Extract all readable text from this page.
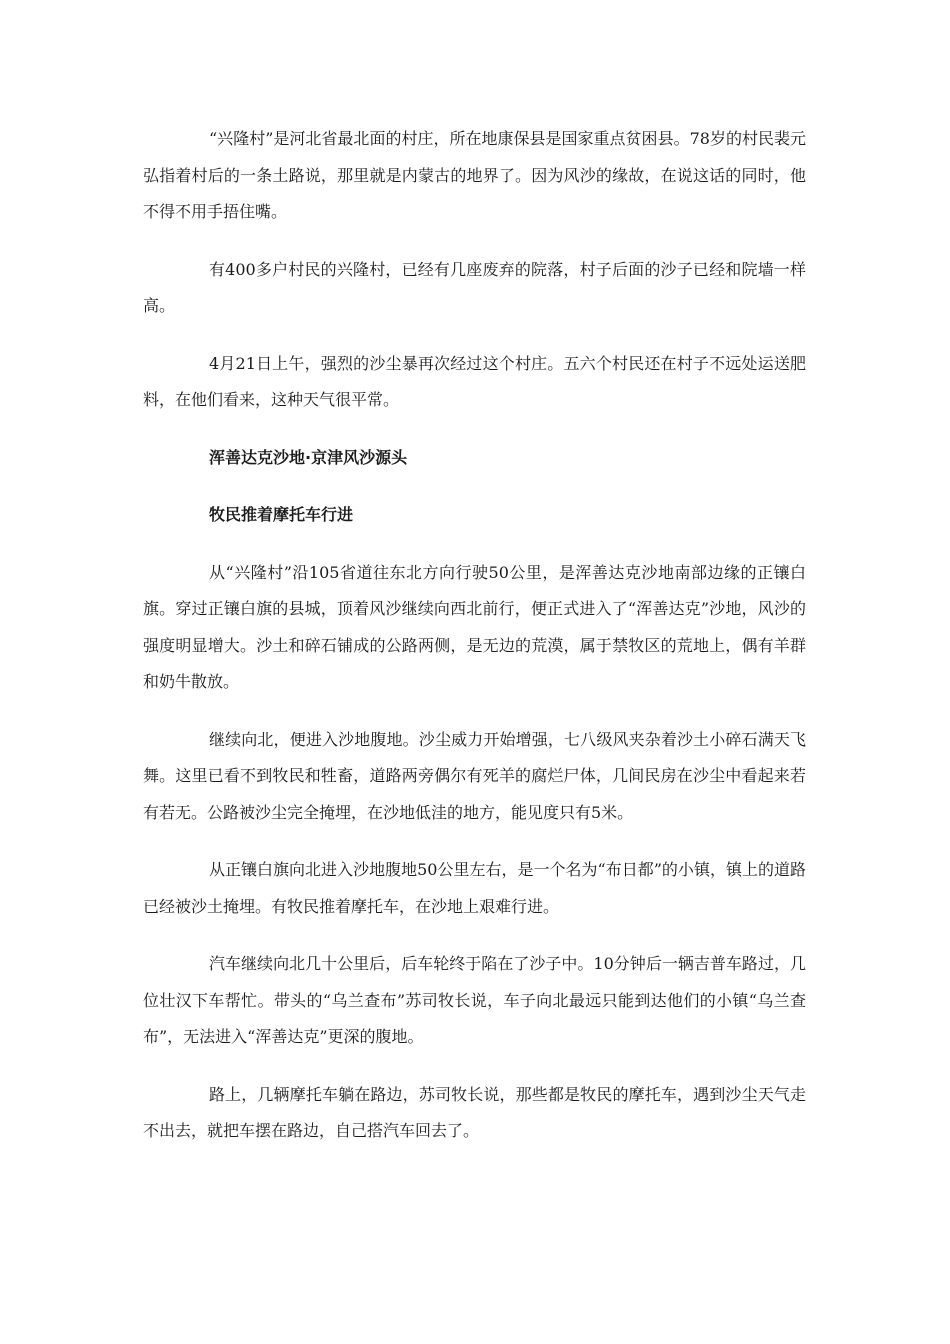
“兴隆村”是河北省最北面的村庄，所在地康保县是国家重点贫困县。78岁的村民裴元弘指着村后的一条土路说，那里就是内蒙古的地界了。因为风沙的缘故，在说这话的同时，他不得不用手捂住嘴。

有400多户村民的兴隆村，已经有几座废弃的院落，村子后面的沙子已经和院墙一样高。

4月21日上午，强烈的沙尘暴再次经过这个村庄。五六个村民还在村子不远处运送肥料，在他们看来，这种天气很平常。

浑善达克沙地·京津风沙源头

牧民推着摩托车行进

从“兴隆村”沿105省道往东北方向行驶50公里，是浑善达克沙地南部边缘的正镶白旗。穿过正镶白旗的县城，顶着风沙继续向西北前行，便正式进入了“浑善达克”沙地，风沙的强度明显增大。沙土和碎石铺成的公路两侧，是无边的荒漠，属于禁牧区的荒地上，偶有羊群和奶牛散放。

继续向北，便进入沙地腹地。沙尘威力开始增强，七八级风夹杂着沙土小碎石满天飞舞。这里已看不到牧民和牲畜，道路两旁偶尔有死羊的腐烂尸体，几间民房在沙尘中看起来若有若无。公路被沙尘完全掩埋，在沙地低洼的地方，能见度只有5米。

从正镶白旗向北进入沙地腹地50公里左右，是一个名为“布日都”的小镇，镇上的道路已经被沙土掩埋。有牧民推着摩托车，在沙地上艰难行进。

汽车继续向北几十公里后，后车轮终于陷在了沙子中。10分钟后一辆吉普车路过，几位壮汉下车帮忙。带头的“乌兰查布”苏司牧长说，车子向北最远只能到达他们的小镇“乌兰查布”，无法进入“浑善达克”更深的腹地。

路上，几辆摩托车躺在路边，苏司牧长说，那些都是牧民的摩托车，遇到沙尘天气走不出去，就把车摆在路边，自己搭汽车回去了。
